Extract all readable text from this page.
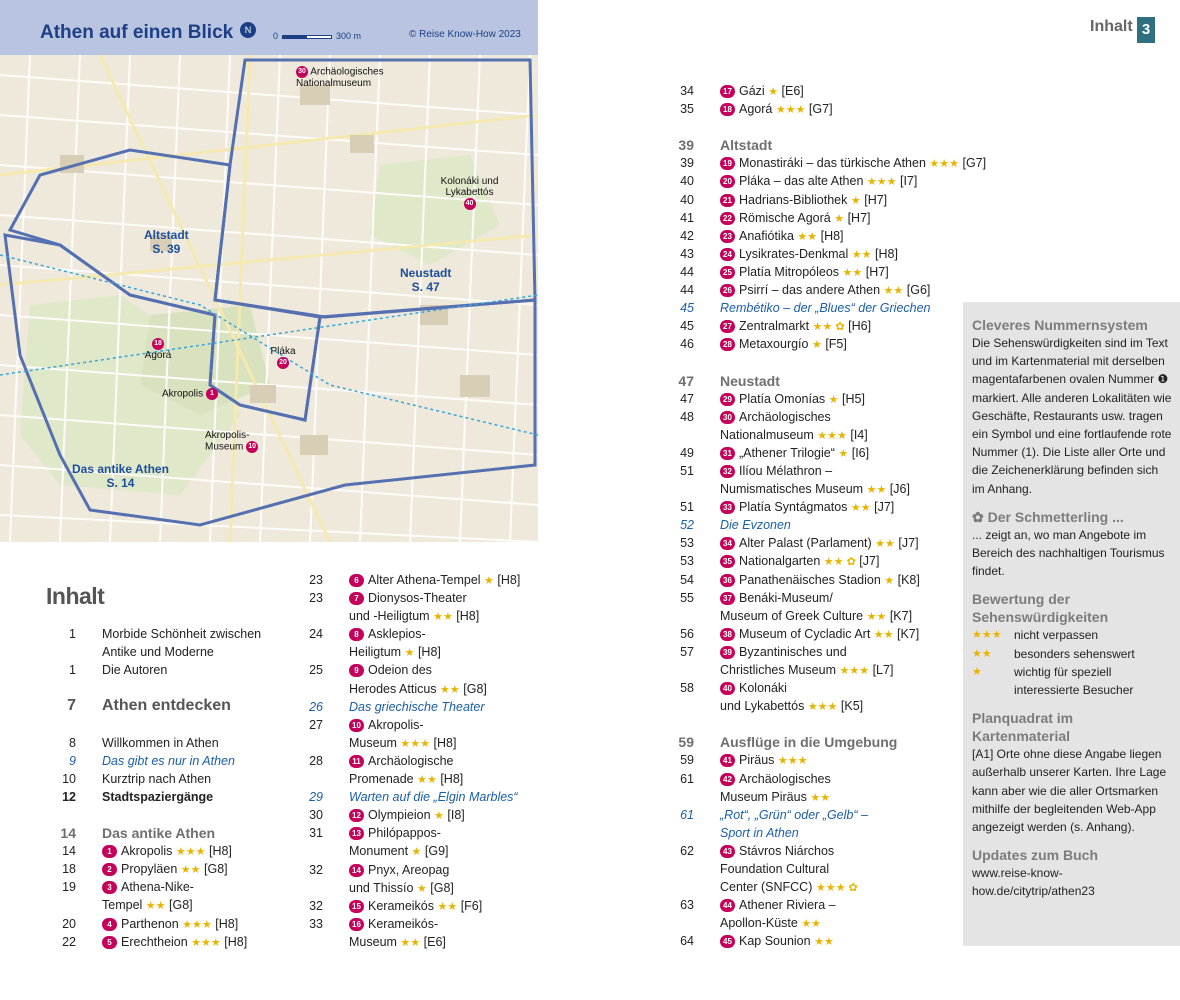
Inhalt 3
Athen auf einen Blick	N
0	300 m	© Reise Know-How 2023
Altstadt
S. 39
Neustadt
S. 47
Das antike Athen
S. 14
30 Archäologisches Nationalmuseum
Kolonáki und Lykabettós
40
18
Agorá	Pláka
20
Akropolis 1
Akropolis-Museum 10
Inhalt
1 Morbide Schönheit zwischen
Antike und Moderne
1 Die Autoren
7 Athen entdecken
8 Willkommen in Athen
9 Das gibt es nur in Athen
10 Kurztrip nach Athen
12 Stadtspaziergänge
14 Das antike Athen
14	1 Akropolis ★★★ [H8]
18	2 Propyläen ★★ [G8]
19	3 Athena-Nike-
Tempel ★★ [G8]
20	4 Parthenon ★★★ [H8]
22	5 Erechtheion ★★★ [H8]
23	6 Alter Athena-Tempel ★ [H8]
23	7 Dionysos-Theater
und -Heiligtum ★★ [H8]
24	8 Asklepios-
Heiligtum ★ [H8]
25	9 Odeion des
Herodes Atticus ★★ [G8]
26 Das griechische Theater
27	10 Akropolis-
Museum ★★★ [H8]
28	11 Archäologische
Promenade ★★ [H8]
29 Warten auf die „Elgin Marbles“
30	12 Olympieion ★ [I8]
31	13 Philópappos-
Monument ★ [G9]
32	14 Pnyx, Areopag
und Thissío ★ [G8]
32	15 Kerameikós ★★ [F6]
33	16 Kerameikós-
Museum ★★ [E6]
34	17 Gázi ★ [E6]
35	18 Agorá ★★★ [G7]
39 Altstadt
39	19 Monastiráki – das türkische Athen ★★★ [G7]
40	20 Pláka – das alte Athen ★★★ [I7]
40	21 Hadrians-Bibliothek ★ [H7]
41	22 Römische Agorá ★ [H7]
42	23 Anafiótika ★★ [H8]
43	24 Lysikrates-Denkmal ★★ [H8]
44	25 Platía Mitropóleos ★★ [H7]
44	26 Psirrí – das andere Athen ★★ [G6]
45 Rembétiko – der „Blues“ der Griechen
45	27 Zentralmarkt ★★ ✿ [H6]
46	28 Metaxourgío ★ [F5]
47 Neustadt
47	29 Platía Omonías ★ [H5]
48	30 Archäologisches
Nationalmuseum ★★★ [I4]
49	31 „Athener Trilogie“ ★ [I6]
51	32 Ilíou Mélathron –
Numismatisches Museum ★★ [J6]
51	33 Platía Syntágmatos ★★ [J7]
52 Die Evzonen
53	34 Alter Palast (Parlament) ★★ [J7]
53	35 Nationalgarten ★★ ✿ [J7]
54	36 Panathenäisches Stadion ★ [K8]
55	37 Benáki-Museum/
Museum of Greek Culture ★★ [K7]
56	38 Museum of Cycladic Art ★★ [K7]
57	39 Byzantinisches und
Christliches Museum ★★★ [L7]
58	40 Kolonáki
und Lykabettós ★★★ [K5]
59 Ausflüge in die Umgebung
59	41 Piräus ★★★
61	42 Archäologisches
Museum Piräus ★★
61 „Rot“, „Grün“ oder „Gelb“ –
Sport in Athen
62	43 Stávros Niárchos
Foundation Cultural
Center (SNFCC) ★★★ ✿
63	44 Athener Riviera –
Apollon-Küste ★★
64	45 Kap Sounion ★★
Cleveres Nummernsystem
Die Sehenswürdigkeiten sind im Text und im Kartenmaterial mit derselben magentafarbenen ovalen Nummer ❶ markiert. Alle anderen Lokalitäten wie Geschäfte, Restaurants usw. tragen ein Symbol und eine fortlaufende rote Nummer (1). Die Liste aller Orte und die Zeichenerklärung befinden sich im Anhang.
✿ Der Schmetterling ...
... zeigt an, wo man Angebote im Bereich des nachhaltigen Tourismus findet.
Bewertung der Sehenswürdigkeiten
★★★ nicht verpassen
★★ besonders sehenswert
★	wichtig für speziell interessierte Besucher
Planquadrat im Kartenmaterial
[A1] Orte ohne diese Angabe liegen außerhalb unserer Karten. Ihre Lage kann aber wie die aller Ortsmarken mithilfe der begleitenden Web-App angezeigt werden (s. Anhang).
Updates zum Buch
www.reise-know-how.de/citytrip/athen23
